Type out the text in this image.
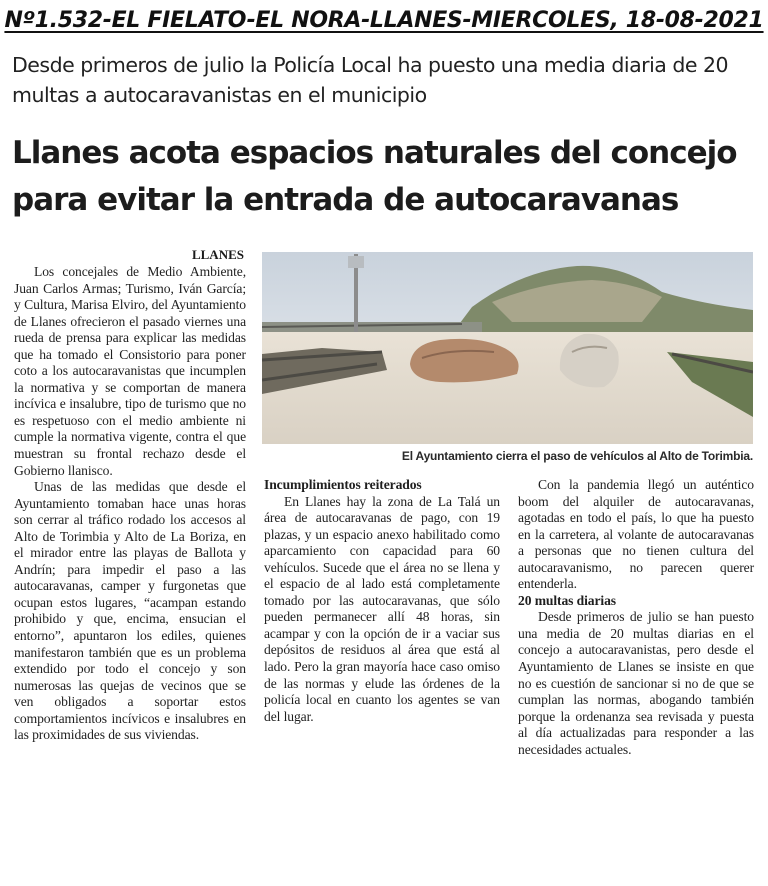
Nº1.532-EL FIELATO-EL NORA-LLANES-MIERCOLES, 18-08-2021
Desde primeros de julio la Policía Local ha puesto una media diaria de 20 multas a autocaravanistas en el municipio
Llanes acota espacios naturales del concejo para evitar la entrada de autocaravanas
LLANES
El Ayuntamiento cierra el paso de vehículos al Alto de Torimbia.

Los concejales de Medio Ambiente, Juan Carlos Armas; Turismo, Iván García; y Cultura, Marisa Elviro, del Ayuntamiento de Llanes ofrecieron el pasado viernes una rueda de prensa para explicar las medidas que ha tomado el Consistorio para poner coto a los autocaravanistas que incumplen la normativa y se comportan de manera incívica e insalubre, tipo de turismo que no es respetuoso con el medio ambiente ni cumple la normativa vigente, contra el que muestran su frontal rechazo desde el Gobierno llanisco.

Unas de las medidas que desde el Ayuntamiento tomaban hace unas horas son cerrar al tráfico rodado los accesos al Alto de Torimbia y Alto de La Boriza, en el mirador entre las playas de Ballota y Andrín; para impedir el paso a las autocaravanas, camper y furgonetas que ocupan estos lugares, “acampan estando prohibido y que, encima, ensucian el entorno”, apuntaron los ediles, quienes manifestaron también que es un problema extendido por todo el concejo y son numerosas las quejas de vecinos que se ven obligados a soportar estos comportamientos incívicos e insalubres en las proximidades de sus viviendas.

Incumplimientos reiterados

En Llanes hay la zona de La Talá un área de autocaravanas de pago, con 19 plazas, y un espacio anexo habilitado como aparcamiento con capacidad para 60 vehículos. Sucede que el área no se llena y el espacio de al lado está completamente tomado por las autocaravanas, que sólo pueden permanecer allí 48 horas, sin acampar y con la opción de ir a vaciar sus depósitos de residuos al área que está al lado. Pero la gran mayoría hace caso omiso de las normas y elude las órdenes de la policía local en cuanto los agentes se van del lugar.

Con la pandemia llegó un auténtico boom del alquiler de autocaravanas, agotadas en todo el país, lo que ha puesto en la carretera, al volante de autocaravanas a personas que no tienen cultura del autocaravanismo, no parecen querer entenderla.

20 multas diarias

Desde primeros de julio se han puesto una media de 20 multas diarias en el concejo a autocaravanistas, pero desde el Ayuntamiento de Llanes se insiste en que no es cuestión de sancionar si no de que se cumplan las normas, abogando también porque la ordenanza sea revisada y puesta al día actualizadas para responder a las necesidades actuales.
